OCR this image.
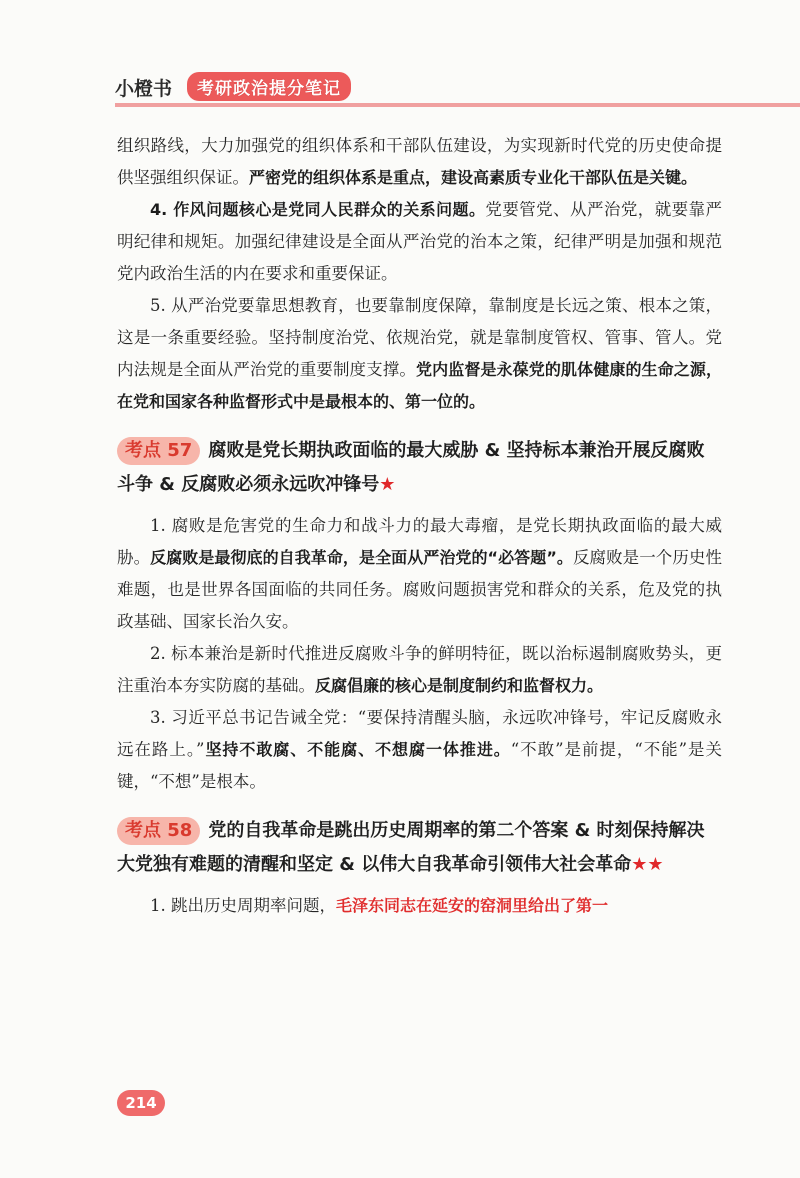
小橙书	考研政治提分笔记

组织路线，大力加强党的组织体系和干部队伍建设，为实现新时代党的历史使命提供坚强组织保证。严密党的组织体系是重点，建设高素质专业化干部队伍是关键。

4. 作风问题核心是党同人民群众的关系问题。党要管党、从严治党，就要靠严明纪律和规矩。加强纪律建设是全面从严治党的治本之策，纪律严明是加强和规范党内政治生活的内在要求和重要保证。

5. 从严治党要靠思想教育，也要靠制度保障，靠制度是长远之策、根本之策，这是一条重要经验。坚持制度治党、依规治党，就是靠制度管权、管事、管人。党内法规是全面从严治党的重要制度支撑。党内监督是永葆党的肌体健康的生命之源，在党和国家各种监督形式中是最根本的、第一位的。

考点 57 腐败是党长期执政面临的最大威胁 & 坚持标本兼治开展反腐败斗争 & 反腐败必须永远吹冲锋号★

1. 腐败是危害党的生命力和战斗力的最大毒瘤，是党长期执政面临的最大威胁。反腐败是最彻底的自我革命，是全面从严治党的“必答题”。反腐败是一个历史性难题，也是世界各国面临的共同任务。腐败问题损害党和群众的关系，危及党的执政基础、国家长治久安。

2. 标本兼治是新时代推进反腐败斗争的鲜明特征，既以治标遏制腐败势头，更注重治本夯实防腐的基础。反腐倡廉的核心是制度制约和监督权力。

3. 习近平总书记告诫全党：“要保持清醒头脑，永远吹冲锋号，牢记反腐败永远在路上。”坚持不敢腐、不能腐、不想腐一体推进。“不敢”是前提，“不能”是关键，“不想”是根本。

考点 58 党的自我革命是跳出历史周期率的第二个答案 & 时刻保持解决大党独有难题的清醒和坚定 & 以伟大自我革命引领伟大社会革命★★

1. 跳出历史周期率问题，毛泽东同志在延安的窑洞里给出了第一

214
